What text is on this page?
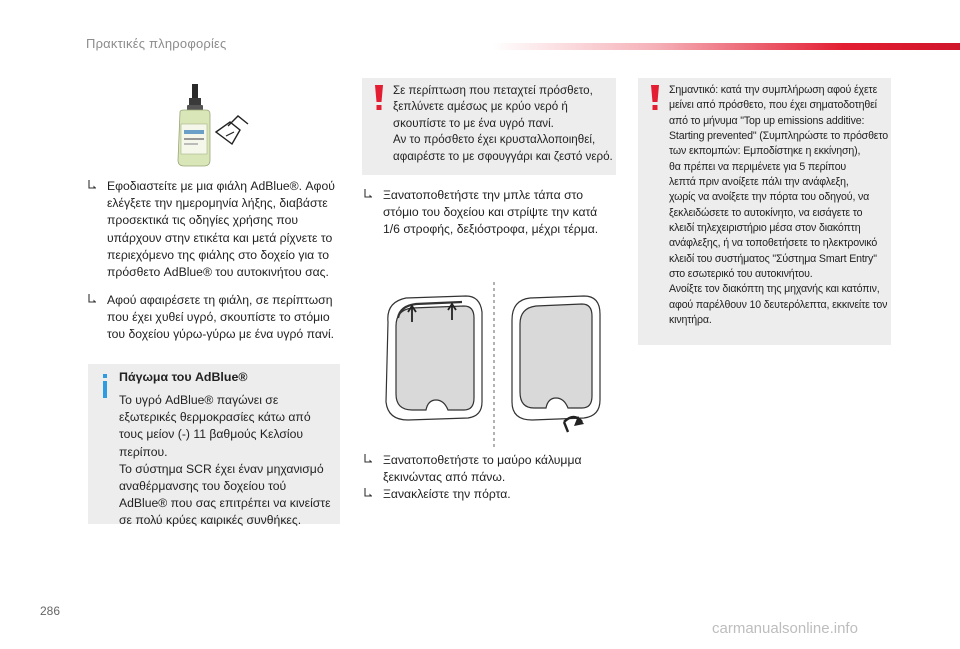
Πρακτικές πληροφορίες
Εφοδιαστείτε με μια φιάλη AdBlue®. Αφού
ελέγξετε την ημερομηνία λήξης, διαβάστε
προσεκτικά τις οδηγίες χρήσης που
υπάρχουν στην ετικέτα και μετά ρίχνετε το
περιεχόμενο της φιάλης στο δοχείο για το
πρόσθετο AdBlue® του αυτοκινήτου σας.
Αφού αφαιρέσετε τη φιάλη, σε περίπτωση
που έχει χυθεί υγρό, σκουπίστε το στόμιο
του δοχείου γύρω-γύρω με ένα υγρό πανί.
Πάγωμα του AdBlue®
Το υγρό AdBlue® παγώνει σε
εξωτερικές θερμοκρασίες κάτω από
τους μείον (-) 11 βαθμούς Κελσίου
περίπου.
Το σύστημα SCR έχει έναν μηχανισμό
αναθέρμανσης του δοχείου τού
AdBlue® που σας επιτρέπει να κινείστε
σε πολύ κρύες καιρικές συνθήκες.
Σε περίπτωση που πεταχτεί πρόσθετο,
ξεπλύνετε αμέσως με κρύο νερό ή
σκουπίστε το με ένα υγρό πανί.
Αν το πρόσθετο έχει κρυσταλλοποιηθεί,
αφαιρέστε το με σφουγγάρι και ζεστό νερό.
Ξανατοποθετήστε την μπλε τάπα στο
στόμιο του δοχείου και στρίψτε την κατά
1/6 στροφής, δεξιόστροφα, μέχρι τέρμα.
Ξανατοποθετήστε το μαύρο κάλυμμα
ξεκινώντας από πάνω.
Ξανακλείστε την πόρτα.
Σημαντικό: κατά την συμπλήρωση αφού έχετε
μείνει από πρόσθετο, που έχει σηματοδοτηθεί
από το μήνυμα "Top up emissions additive:
Starting prevented" (Συμπληρώστε το πρόσθετο
των εκπομπών: Εμποδίστηκε η εκκίνηση),
θα πρέπει να περιμένετε για 5 περίπου
λεπτά πριν ανοίξετε πάλι την ανάφλεξη,
χωρίς να ανοίξετε την πόρτα του οδηγού, να
ξεκλειδώσετε το αυτοκίνητο, να εισάγετε το
κλειδί τηλεχειριστήριο μέσα στον διακόπτη
ανάφλεξης, ή να τοποθετήσετε το ηλεκτρονικό
κλειδί του συστήματος "Σύστημα Smart Entry"
στο εσωτερικό του αυτοκινήτου.
Ανοίξτε τον διακόπτη της μηχανής και κατόπιν,
αφού παρέλθουν 10 δευτερόλεπτα, εκκινείτε τον
κινητήρα.
286
carmanualsonline.info
